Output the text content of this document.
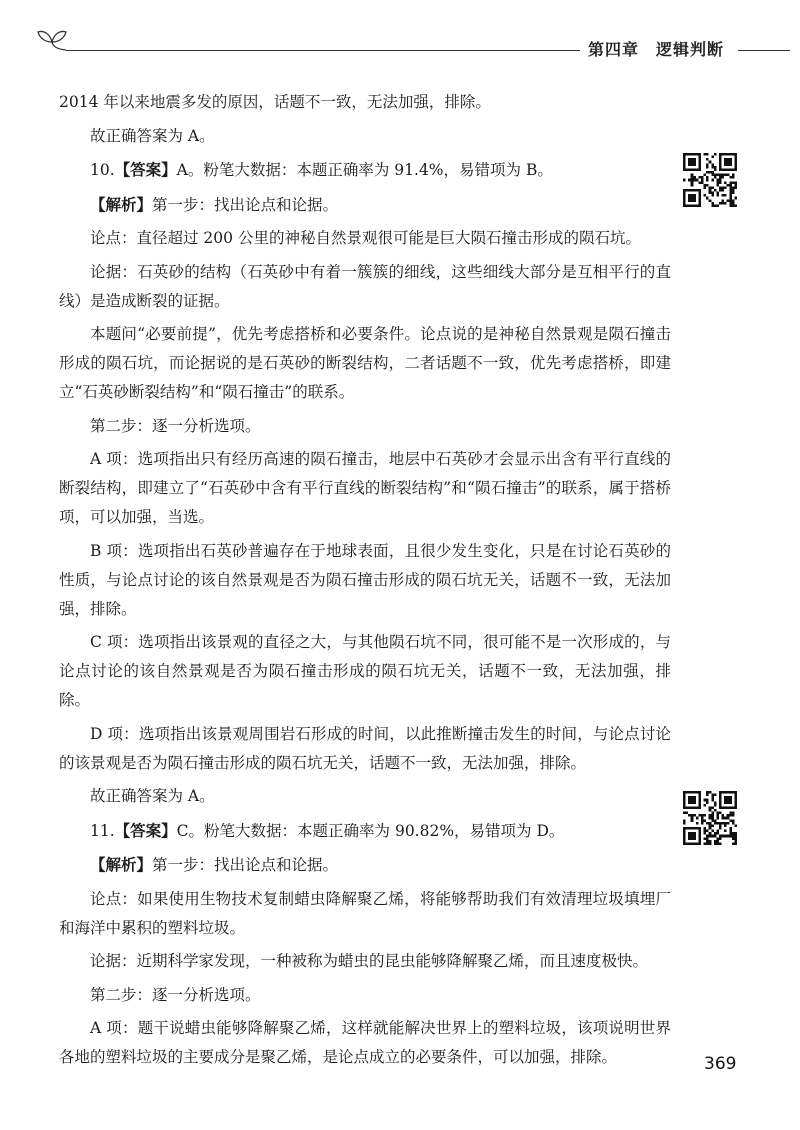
第四章　逻辑判断

2014 年以来地震多发的原因，话题不一致，无法加强，排除。

故正确答案为 A。

10.【答案】A。粉笔大数据：本题正确率为 91.4%，易错项为 B。

【解析】第一步：找出论点和论据。

论点：直径超过 200 公里的神秘自然景观很可能是巨大陨石撞击形成的陨石坑。

论据：石英砂的结构（石英砂中有着一簇簇的细线，这些细线大部分是互相平行的直线）是造成断裂的证据。

本题问“必要前提”，优先考虑搭桥和必要条件。论点说的是神秘自然景观是陨石撞击形成的陨石坑，而论据说的是石英砂的断裂结构，二者话题不一致，优先考虑搭桥，即建立“石英砂断裂结构”和“陨石撞击”的联系。

第二步：逐一分析选项。

A 项：选项指出只有经历高速的陨石撞击，地层中石英砂才会显示出含有平行直线的断裂结构，即建立了“石英砂中含有平行直线的断裂结构”和“陨石撞击”的联系，属于搭桥项，可以加强，当选。

B 项：选项指出石英砂普遍存在于地球表面，且很少发生变化，只是在讨论石英砂的性质，与论点讨论的该自然景观是否为陨石撞击形成的陨石坑无关，话题不一致，无法加强，排除。

C 项：选项指出该景观的直径之大，与其他陨石坑不同，很可能不是一次形成的，与论点讨论的该自然景观是否为陨石撞击形成的陨石坑无关，话题不一致，无法加强，排除。

D 项：选项指出该景观周围岩石形成的时间，以此推断撞击发生的时间，与论点讨论的该景观是否为陨石撞击形成的陨石坑无关，话题不一致，无法加强，排除。

故正确答案为 A。

11.【答案】C。粉笔大数据：本题正确率为 90.82%，易错项为 D。

【解析】第一步：找出论点和论据。

论点：如果使用生物技术复制蜡虫降解聚乙烯，将能够帮助我们有效清理垃圾填埋厂和海洋中累积的塑料垃圾。

论据：近期科学家发现，一种被称为蜡虫的昆虫能够降解聚乙烯，而且速度极快。

第二步：逐一分析选项。

A 项：题干说蜡虫能够降解聚乙烯，这样就能解决世界上的塑料垃圾，该项说明世界各地的塑料垃圾的主要成分是聚乙烯，是论点成立的必要条件，可以加强，排除。	369
